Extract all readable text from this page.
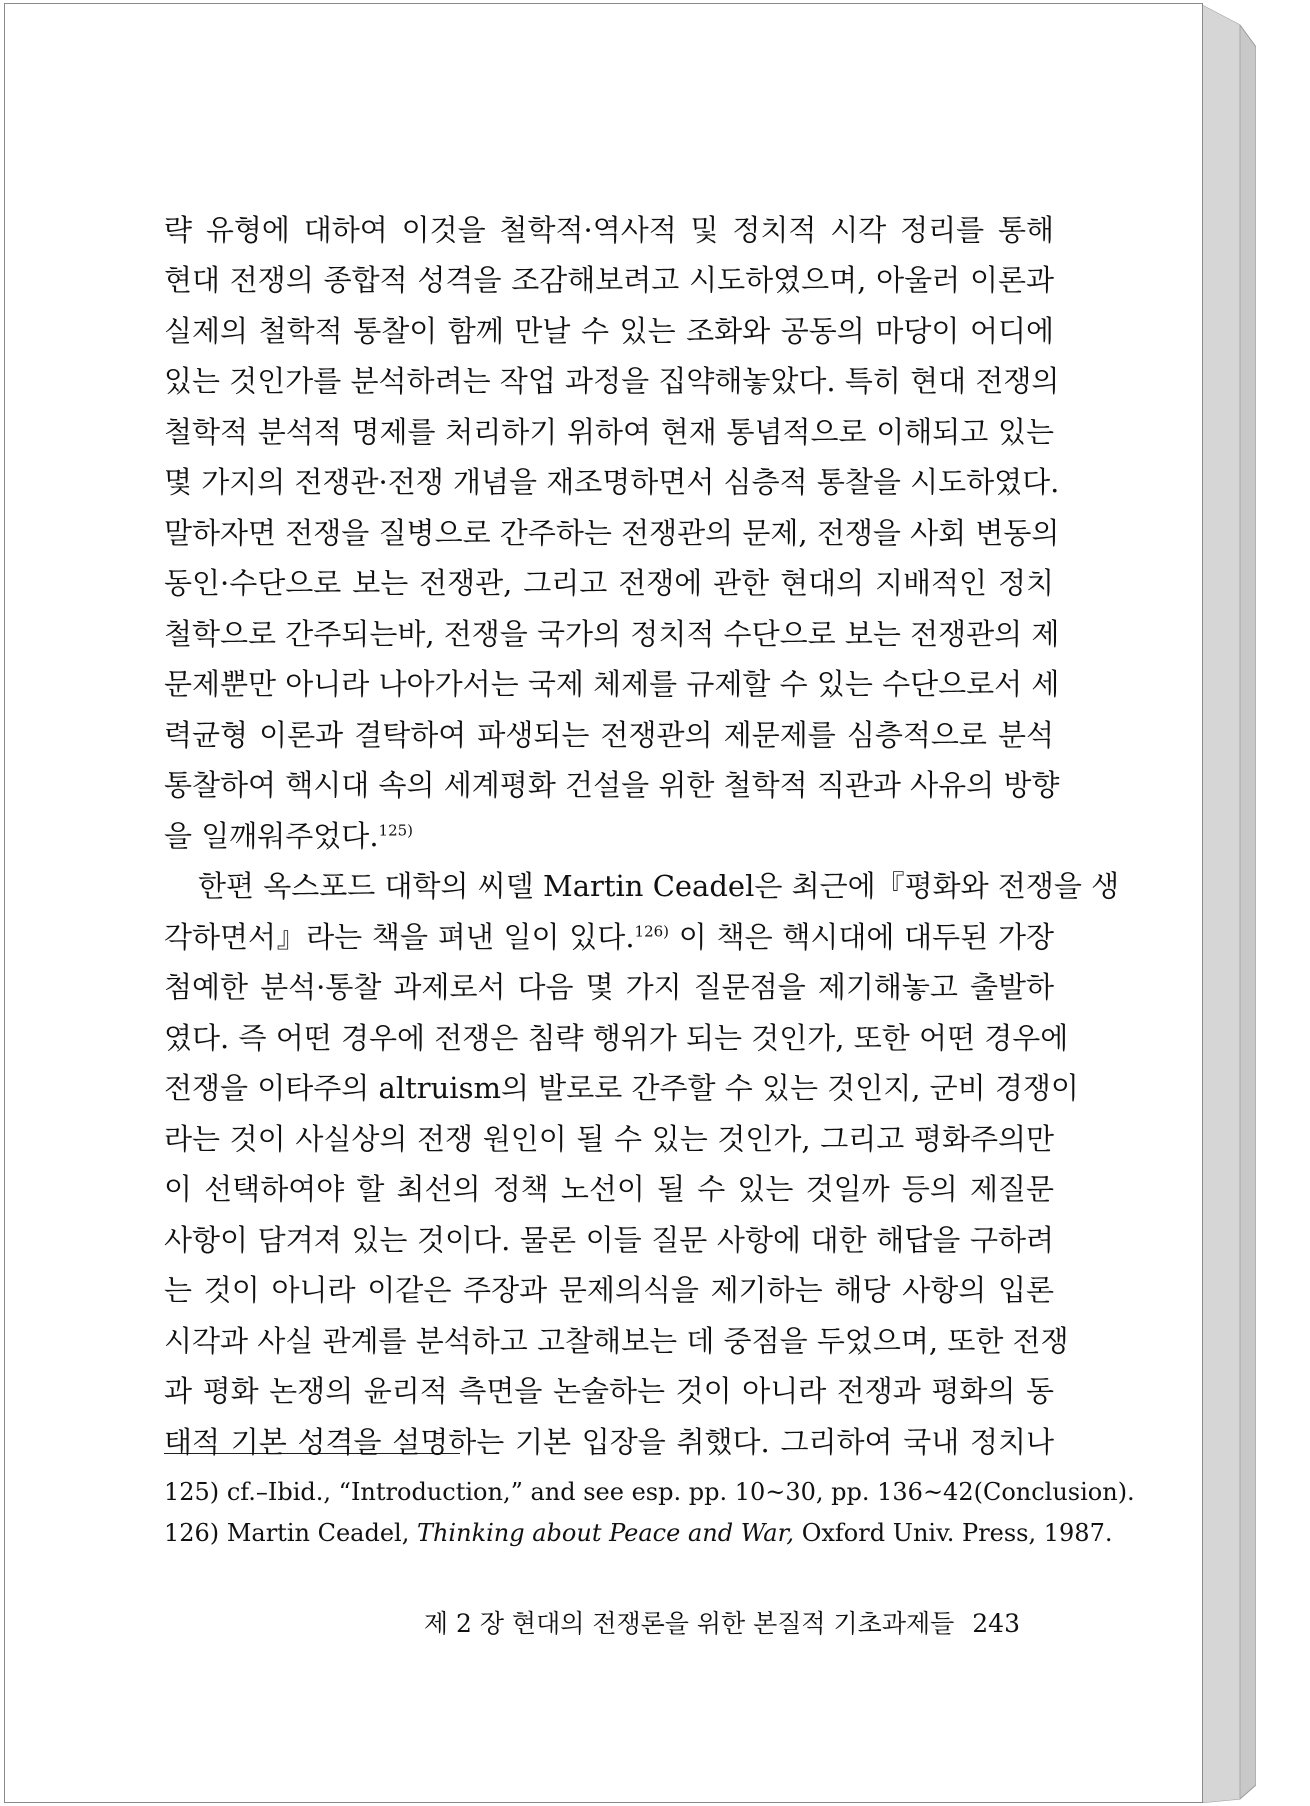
략 유형에 대하여 이것을 철학적·역사적 및 정치적 시각 정리를 통해
현대 전쟁의 종합적 성격을 조감해보려고 시도하였으며, 아울러 이론과
실제의 철학적 통찰이 함께 만날 수 있는 조화와 공동의 마당이 어디에
있는 것인가를 분석하려는 작업 과정을 집약해놓았다. 특히 현대 전쟁의
철학적 분석적 명제를 처리하기 위하여 현재 통념적으로 이해되고 있는
몇 가지의 전쟁관·전쟁 개념을 재조명하면서 심층적 통찰을 시도하였다.
말하자면 전쟁을 질병으로 간주하는 전쟁관의 문제, 전쟁을 사회 변동의
동인·수단으로 보는 전쟁관, 그리고 전쟁에 관한 현대의 지배적인 정치
철학으로 간주되는바, 전쟁을 국가의 정치적 수단으로 보는 전쟁관의 제
문제뿐만 아니라 나아가서는 국제 체제를 규제할 수 있는 수단으로서 세
력균형 이론과 결탁하여 파생되는 전쟁관의 제문제를 심층적으로 분석
통찰하여 핵시대 속의 세계평화 건설을 위한 철학적 직관과 사유의 방향
을 일깨워주었다.$^{125)}$
한편 옥스포드 대학의 씨델 Martin Ceadel은 최근에『평화와 전쟁을 생
각하면서』라는 책을 펴낸 일이 있다.$^{126)}$ 이 책은 핵시대에 대두된 가장
첨예한 분석·통찰 과제로서 다음 몇 가지 질문점을 제기해놓고 출발하
였다. 즉 어떤 경우에 전쟁은 침략 행위가 되는 것인가, 또한 어떤 경우에
전쟁을 이타주의 altruism의 발로로 간주할 수 있는 것인지, 군비 경쟁이
라는 것이 사실상의 전쟁 원인이 될 수 있는 것인가, 그리고 평화주의만
이 선택하여야 할 최선의 정책 노선이 될 수 있는 것일까 등의 제질문
사항이 담겨져 있는 것이다. 물론 이들 질문 사항에 대한 해답을 구하려
는 것이 아니라 이같은 주장과 문제의식을 제기하는 해당 사항의 입론
시각과 사실 관계를 분석하고 고찰해보는 데 중점을 두었으며, 또한 전쟁
과 평화 논쟁의 윤리적 측면을 논술하는 것이 아니라 전쟁과 평화의 동
125) cf.–Ibid., “Introduction,” and see esp. pp. 10~30, pp. 136~42(Conclusion).
126) Martin Ceadel, Thinking about Peace and War, Oxford Univ. Press, 1987.
제 2 장 현대의 전쟁론을 위한 본질적 기초과제들 243
태적 기본 성격을 설명하는 기본 입장을 취했다. 그리하여 국내 정치나
